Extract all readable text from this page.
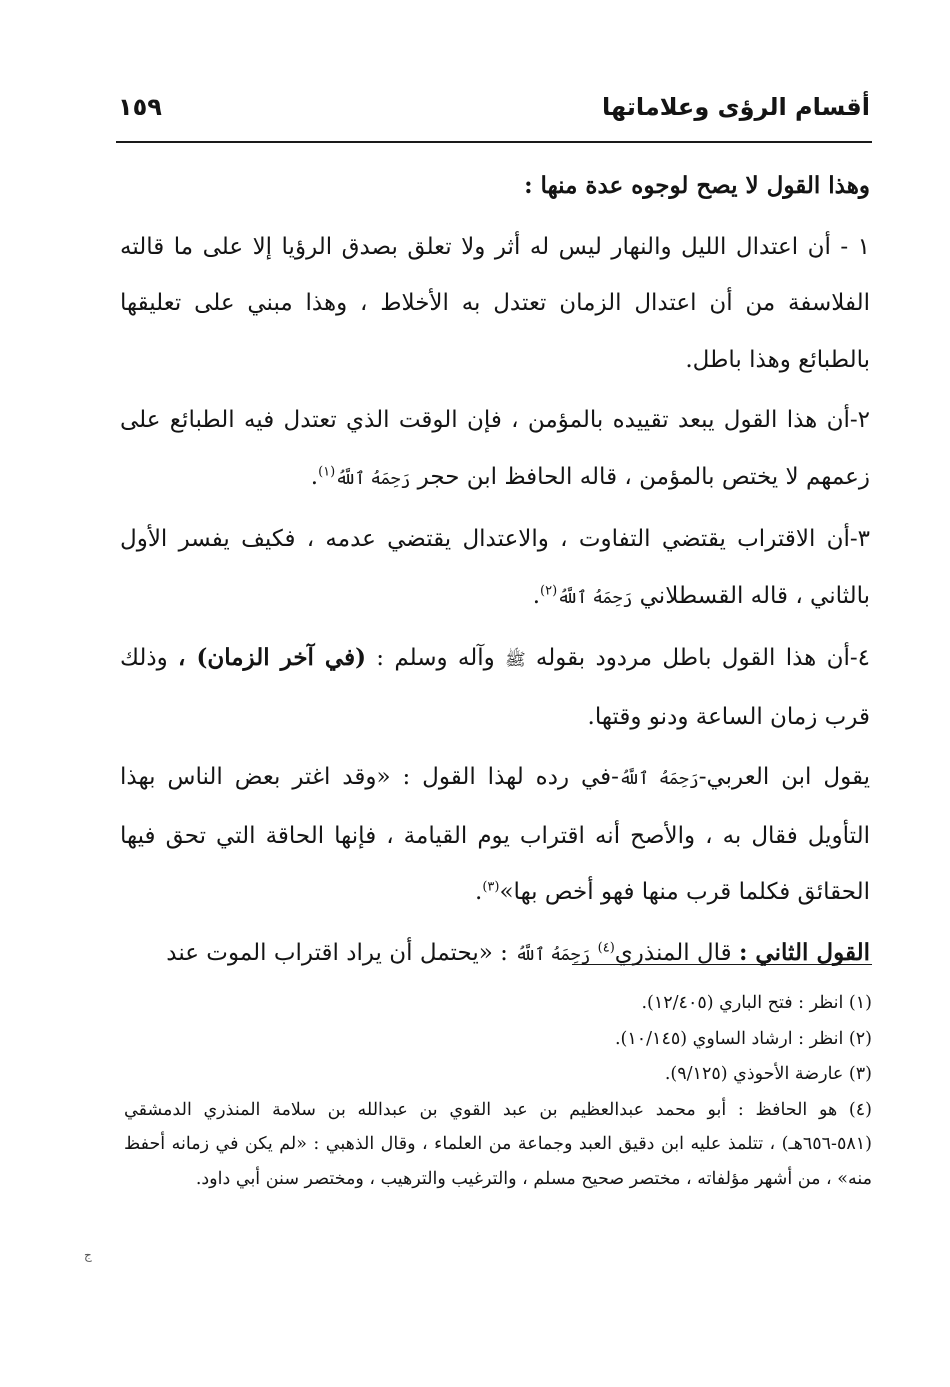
أقسام الرؤى وعلاماتها
١٥٩

وهذا القول لا يصح لوجوه عدة منها :

١ - أن اعتدال الليل والنهار ليس له أثر ولا تعلق بصدق الرؤيا إلا على ما قالته الفلاسفة من أن اعتدال الزمان تعتدل به الأخلاط ، وهذا مبني على تعليقها بالطبائع وهذا باطل.

٢-أن هذا القول يبعد تقييده بالمؤمن ، فإن الوقت الذي تعتدل فيه الطبائع على زعمهم لا يختص بالمؤمن ، قاله الحافظ ابن حجر رَحِمَهُ ٱللَّهُ$^{(١)}$.

٣-أن الاقتراب يقتضي التفاوت ، والاعتدال يقتضي عدمه ، فكيف يفسر الأول بالثاني ، قاله القسطلاني رَحِمَهُ ٱللَّهُ$^{(٢)}$.

٤-أن هذا القول باطل مردود بقوله ﷺ وآله وسلم : (في آخر الزمان) ، وذلك قرب زمان الساعة ودنو وقتها.

يقول ابن العربي-رَحِمَهُ ٱللَّهُ-في رده لهذا القول : «وقد اغتر بعض الناس بهذا التأويل فقال به ، والأصح أنه اقتراب يوم القيامة ، فإنها الحاقة التي تحق فيها الحقائق فكلما قرب منها فهو أخص بها»$^{(٣)}$.

القول الثاني : قال المنذري$^{(٤)}$ رَحِمَهُ ٱللَّهُ : «يحتمل أن يراد اقتراب الموت عند

(١) انظر : فتح الباري (١٢/٤٠٥).

(٢) انظر : ارشاد الساوي (١٠/١٤٥).

(٣) عارضة الأحوذي (٩/١٢٥).

(٤) هو الحافظ : أبو محمد عبدالعظيم بن عبد القوي بن عبدالله بن سلامة المنذري الدمشقي (٥٨١-٦٥٦هـ) ، تتلمذ عليه ابن دقيق العبد وجماعة من العلماء ، وقال الذهبي : «لم يكن في زمانه أحفظ منه» ، من أشهر مؤلفاته ، مختصر صحيح مسلم ، والترغيب والترهيب ، ومختصر سنن أبي داود.

ج
